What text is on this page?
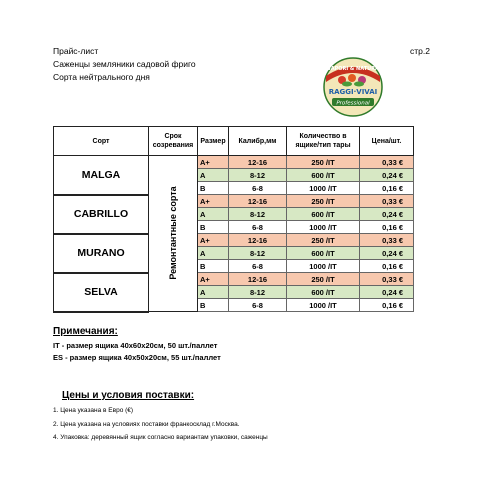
Прайс-лист
Саженцы земляники садовой фриго
Сорта нейтрального дня
стр.2
SAPORI & NATURA
RAGGI·VIVAI
Professional
Сорт	Срок созревания	Размер	Калибр,мм	Количество в ящике/тип тары	Цена/шт.
MALGA	Ремонтантные сорта	A+	12-16	250 /IT	0,33 €
		A	8-12	600 /IT	0,24 €
		B	6-8	1000 /IT	0,16 €
CABRILLO		A+	12-16	250 /IT	0,33 €
		A	8-12	600 /IT	0,24 €
		B	6-8	1000 /IT	0,16 €
MURANO		A+	12-16	250 /IT	0,33 €
		A	8-12	600 /IT	0,24 €
		B	6-8	1000 /IT	0,16 €
SELVA		A+	12-16	250 /IT	0,33 €
		A	8-12	600 /IT	0,24 €
		B	6-8	1000 /IT	0,16 €
Примечания:
IT - размер ящика 40x60x20см, 50 шт./паллет
ES - размер ящика 40x50x20см, 55 шт./паллет
Цены и условия поставки:
1. Цена указана в Евро (€)
2. Цена указана на условиях поставки франкосклад г.Москва.
4. Упаковка: деревянный ящик согласно вариантам упаковки, саженцы
